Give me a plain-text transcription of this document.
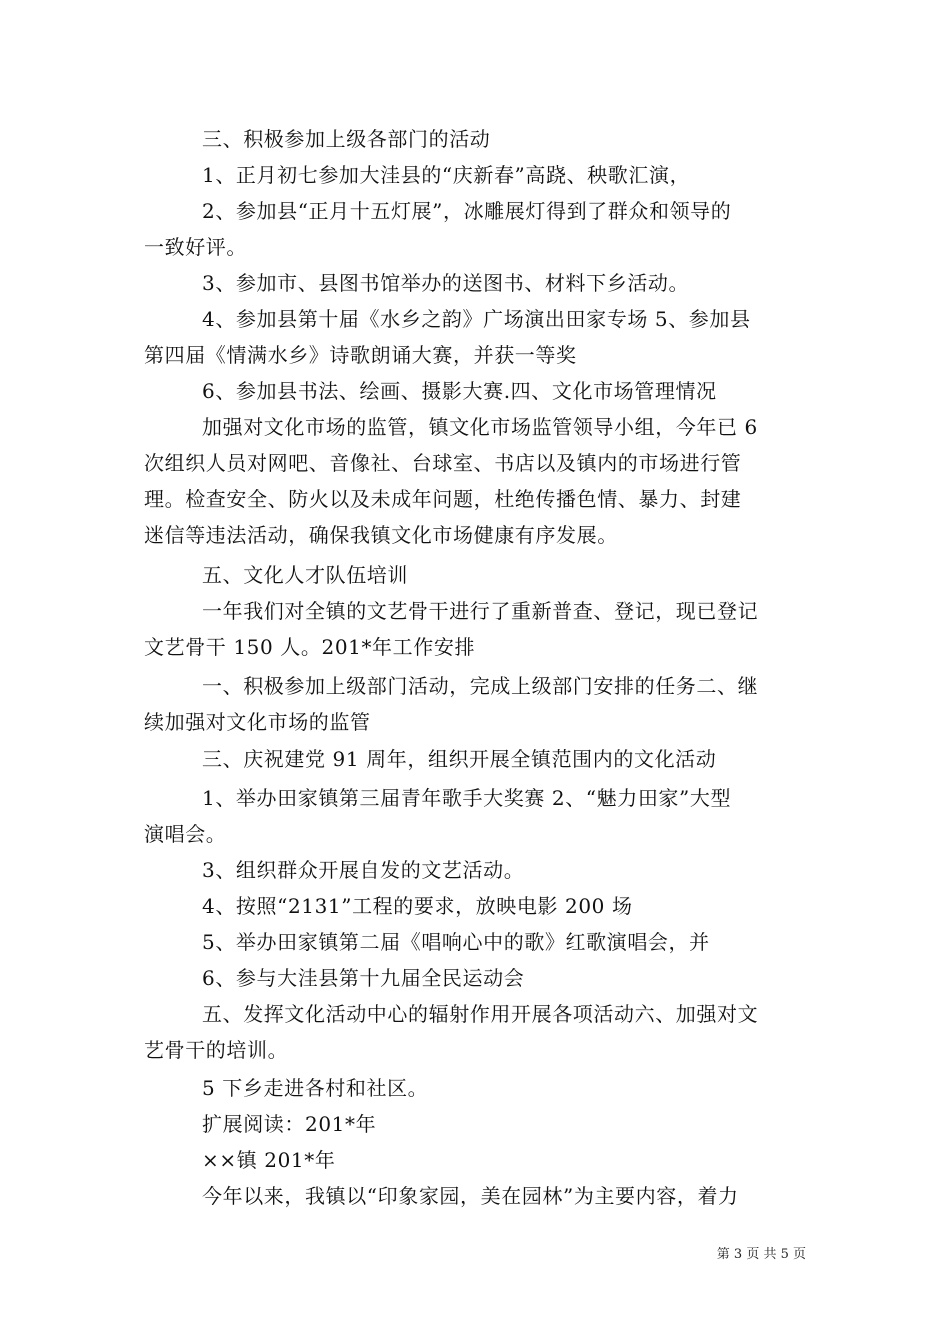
三、积极参加上级各部门的活动
1、正月初七参加大洼县的“庆新春”高跷、秧歌汇演，
2、参加县“正月十五灯展”，冰雕展灯得到了群众和领导的
一致好评。
3、参加市、县图书馆举办的送图书、材料下乡活动。
4、参加县第十届《水乡之韵》广场演出田家专场 5、参加县
第四届《情满水乡》诗歌朗诵大赛，并获一等奖
6、参加县书法、绘画、摄影大赛.四、文化市场管理情况
加强对文化市场的监管，镇文化市场监管领导小组，今年已 6
次组织人员对网吧、音像社、台球室、书店以及镇内的市场进行管
理。检查安全、防火以及未成年问题，杜绝传播色情、暴力、封建
迷信等违法活动，确保我镇文化市场健康有序发展。
五、文化人才队伍培训
一年我们对全镇的文艺骨干进行了重新普查、登记，现已登记
文艺骨干 150 人。201*年工作安排
一、积极参加上级部门活动，完成上级部门安排的任务二、继
续加强对文化市场的监管
三、庆祝建党 91 周年，组织开展全镇范围内的文化活动
1、举办田家镇第三届青年歌手大奖赛 2、“魅力田家”大型
演唱会。
3、组织群众开展自发的文艺活动。
4、按照“2131”工程的要求，放映电影 200 场
5、举办田家镇第二届《唱响心中的歌》红歌演唱会，并
6、参与大洼县第十九届全民运动会
五、发挥文化活动中心的辐射作用开展各项活动六、加强对文
艺骨干的培训。
5 下乡走进各村和社区。
扩展阅读：201*年
××镇 201*年
今年以来，我镇以“印象家园，美在园林”为主要内容，着力
第 3 页 共 5 页
